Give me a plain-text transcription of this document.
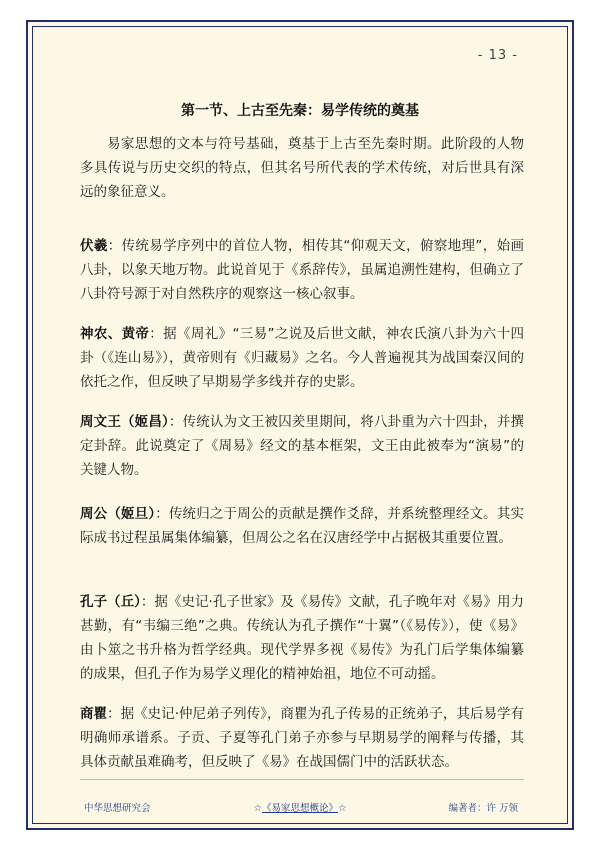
- 13 -
第一节、上古至先秦：易学传统的奠基

易家思想的文本与符号基础，奠基于上古至先秦时期。此阶段的人物多具传说与历史交织的特点，但其名号所代表的学术传统，对后世具有深远的象征意义。

伏羲：传统易学序列中的首位人物，相传其“仰观天文，俯察地理”，始画八卦，以象天地万物。此说首见于《系辞传》，虽属追溯性建构，但确立了八卦符号源于对自然秩序的观察这一核心叙事。

神农、黄帝：据《周礼》“三易”之说及后世文献，神农氏演八卦为六十四卦（《连山易》），黄帝则有《归藏易》之名。今人普遍视其为战国秦汉间的依托之作，但反映了早期易学多线并存的史影。

周文王（姬昌）：传统认为文王被囚羑里期间，将八卦重为六十四卦，并撰定卦辞。此说奠定了《周易》经文的基本框架，文王由此被奉为“演易”的关键人物。

周公（姬旦）：传统归之于周公的贡献是撰作爻辞，并系统整理经文。其实际成书过程虽属集体编纂，但周公之名在汉唐经学中占据极其重要位置。

孔子（丘）：据《史记·孔子世家》及《易传》文献，孔子晚年对《易》用力甚勤，有“韦编三绝”之典。传统认为孔子撰作“十翼”（《易传》），使《易》由卜筮之书升格为哲学经典。现代学界多视《易传》为孔门后学集体编纂的成果，但孔子作为易学义理化的精神始祖，地位不可动摇。

商瞿：据《史记·仲尼弟子列传》，商瞿为孔子传易的正统弟子，其后易学有明确师承谱系。子贡、子夏等孔门弟子亦参与早期易学的阐释与传播，其具体贡献虽难确考，但反映了《易》在战国儒门中的活跃状态。

中华思想研究会	☆《易家思想概论》☆	编著者：许 万领
